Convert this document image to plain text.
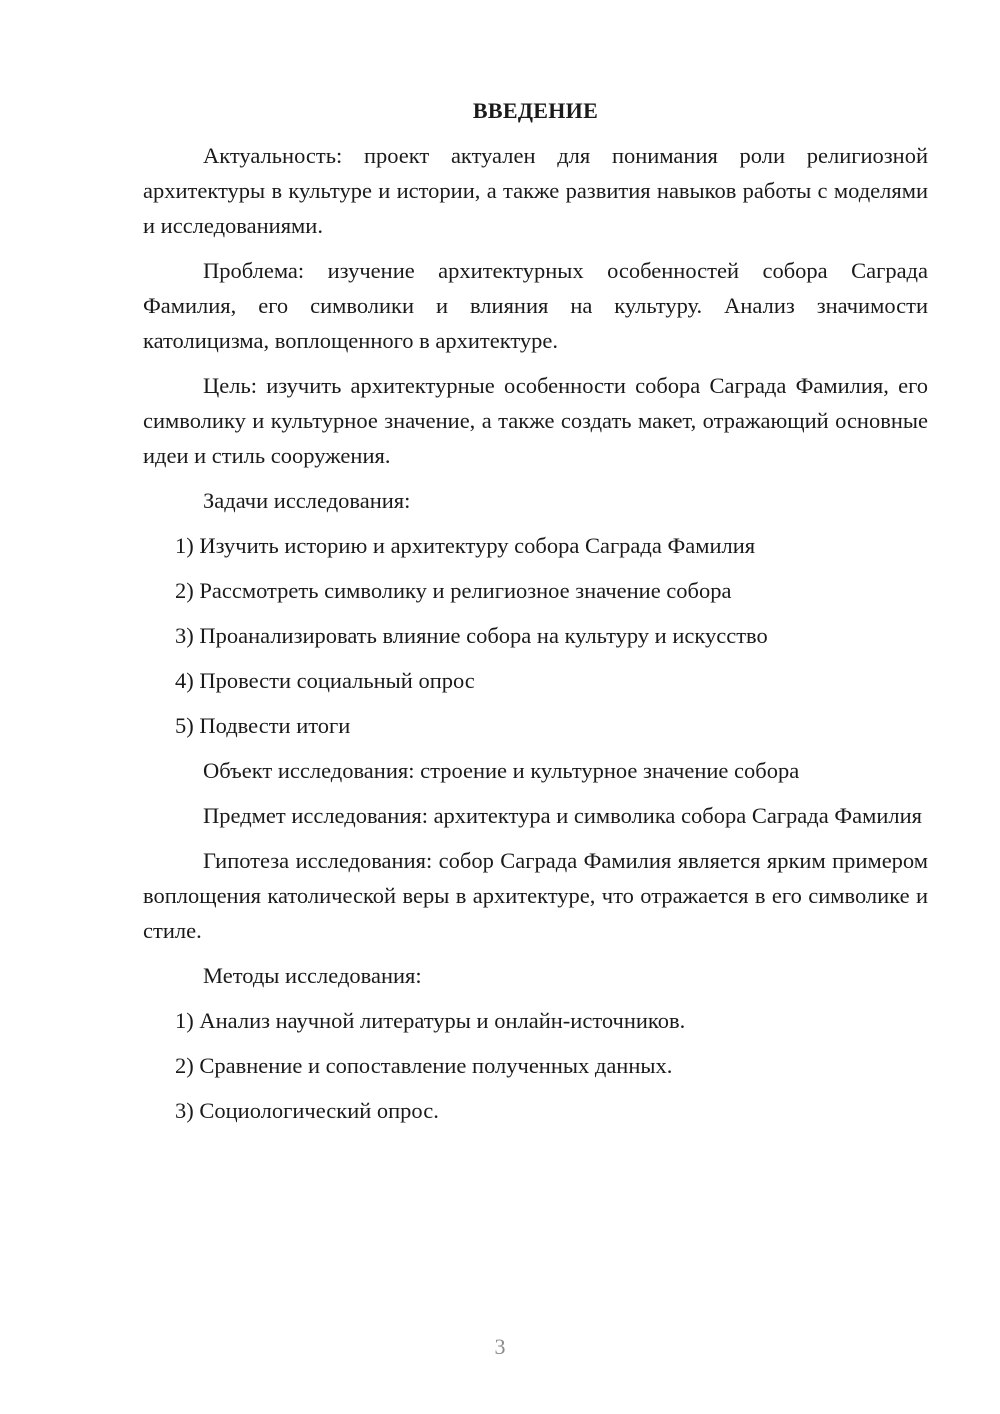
ВВЕДЕНИЕ
Актуальность: проект актуален для понимания роли религиозной архитектуры в культуре и истории, а также развития навыков работы с моделями и исследованиями.
Проблема: изучение архитектурных особенностей собора Саграда Фамилия, его символики и влияния на культуру. Анализ значимости католицизма, воплощенного в архитектуре.
Цель: изучить архитектурные особенности собора Саграда Фамилия, его символику и культурное значение, а также создать макет, отражающий основные идеи и стиль сооружения.
Задачи исследования:
1) Изучить историю и архитектуру собора Саграда Фамилия
2) Рассмотреть символику и религиозное значение собора
3) Проанализировать влияние собора на культуру и искусство
4) Провести социальный опрос
5) Подвести итоги
Объект исследования: строение и культурное значение собора
Предмет исследования: архитектура и символика собора Саграда Фамилия
Гипотеза исследования: собор Саграда Фамилия является ярким примером воплощения католической веры в архитектуре, что отражается в его символике и стиле.
Методы исследования:
1) Анализ научной литературы и онлайн-источников.
2) Сравнение и сопоставление полученных данных.
3) Социологический опрос.
3
